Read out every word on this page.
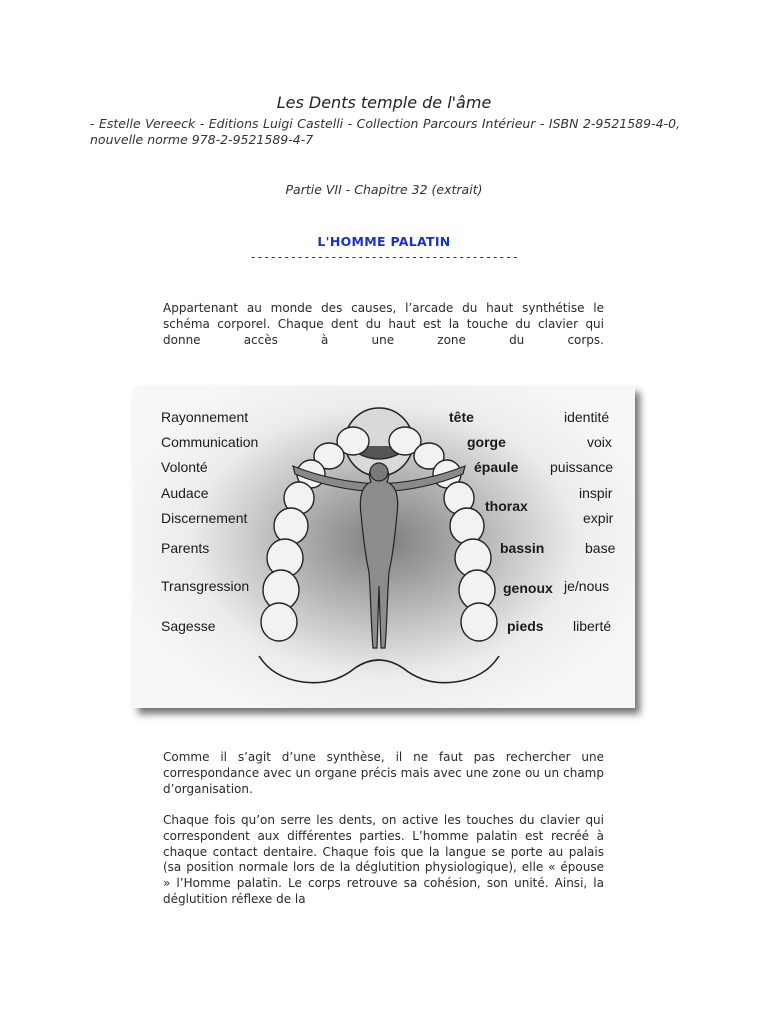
Les Dents temple de l'âme
- Estelle Vereeck - Editions Luigi Castelli - Collection Parcours Intérieur - ISBN 2-9521589-4-0, nouvelle norme 978-2-9521589-4-7
Partie VII - Chapitre 32 (extrait)
L'HOMME PALATIN
----------------------------------------
Appartenant au monde des causes, l’arcade du haut synthétise le schéma corporel. Chaque dent du haut est la touche du clavier qui donne accès à une zone du corps.
Rayonnement
Communication
Volonté
Audace
Discernement
Parents
Transgression
Sagesse
tête
gorge
épaule
thorax
bassin
genoux
pieds
identité
voix
puissance
inspir
expir
base
je/nous
liberté
Comme il s’agit d’une synthèse, il ne faut pas rechercher une correspondance avec un organe précis mais avec une zone ou un champ d’organisation.
Chaque fois qu’on serre les dents, on active les touches du clavier qui correspondent aux différentes parties. L’homme palatin est recréé à chaque contact dentaire. Chaque fois que la langue se porte au palais (sa position normale lors de la déglutition physiologique), elle « épouse » l’Homme palatin. Le corps retrouve sa cohésion, son unité. Ainsi, la déglutition réflexe de la
